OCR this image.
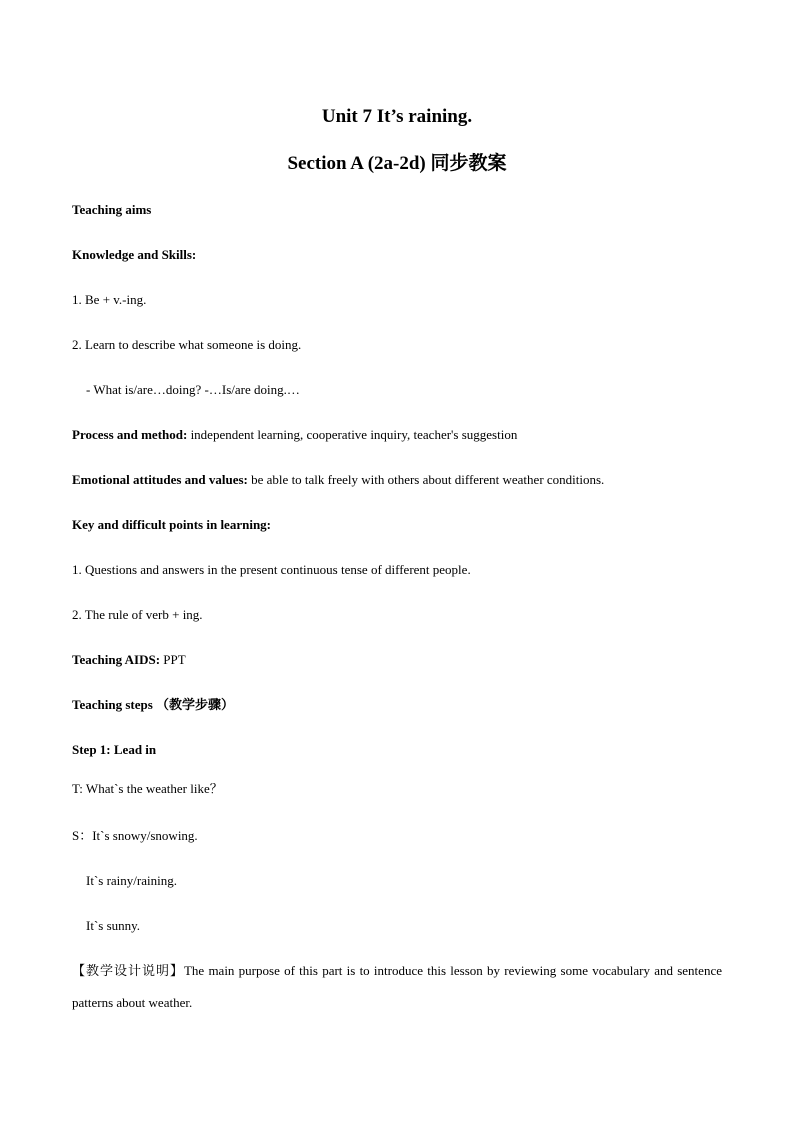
Unit 7 It’s raining.
Section A (2a-2d) 同步教案

Teaching aims

Knowledge and Skills:

1. Be + v.-ing.

2. Learn to describe what someone is doing.

- What is/are…doing? -…Is/are doing.…

Process and method: independent learning, cooperative inquiry, teacher's suggestion

Emotional attitudes and values: be able to talk freely with others about different weather conditions.

Key and difficult points in learning:

1. Questions and answers in the present continuous tense of different people.

2. The rule of verb + ing.

Teaching AIDS: PPT

Teaching steps （教学步骤）

Step 1: Lead in

T: What`s the weather like？

S：It`s snowy/snowing.

It`s rainy/raining.

It`s sunny.

【教学设计说明】The main purpose of this part is to introduce this lesson by reviewing some vocabulary and sentence patterns about weather.
